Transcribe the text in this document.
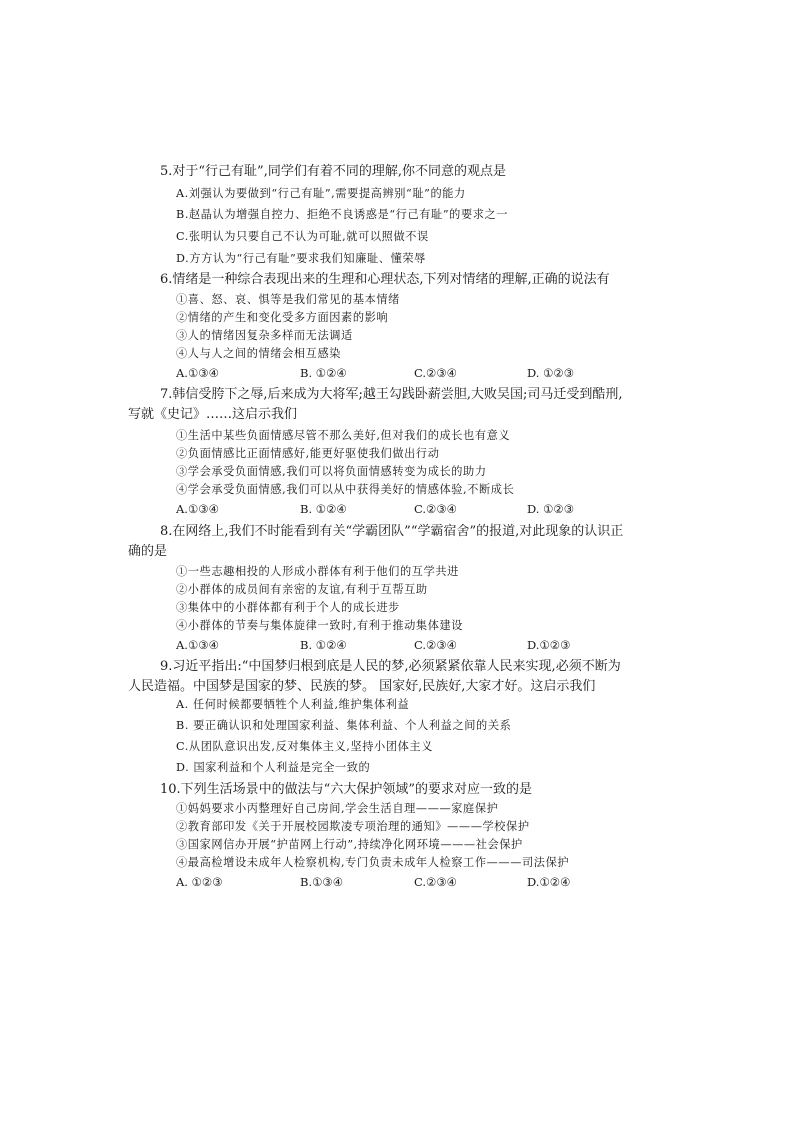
5.对于“行己有耻”,同学们有着不同的理解,你不同意的观点是
A.刘强认为要做到“行己有耻”,需要提高辨别“耻”的能力
B.赵晶认为增强自控力、拒绝不良诱惑是“行己有耻”的要求之一
C.张明认为只要自己不认为可耻,就可以照做不误
D.方方认为“行己有耻”要求我们知廉耻、懂荣辱
6.情绪是一种综合表现出来的生理和心理状态,下列对情绪的理解,正确的说法有
①喜、怒、哀、惧等是我们常见的基本情绪
②情绪的产生和变化受多方面因素的影响
③人的情绪因复杂多样而无法调适
④人与人之间的情绪会相互感染
A.①③④	B. ①②④	C.②③④	D. ①②③
7.韩信受胯下之辱,后来成为大将军;越王勾践卧薪尝胆,大败吴国;司马迁受到酷刑,
写就《史记》……这启示我们
①生活中某些负面情感尽管不那么美好,但对我们的成长也有意义
②负面情感比正面情感好,能更好驱使我们做出行动
③学会承受负面情感,我们可以将负面情感转变为成长的助力
④学会承受负面情感,我们可以从中获得美好的情感体验,不断成长
A.①③④	B. ①②④	C.②③④	D. ①②③
8.在网络上,我们不时能看到有关“学霸团队”“学霸宿舍”的报道,对此现象的认识正
确的是
①一些志趣相投的人形成小群体有利于他们的互学共进
②小群体的成员间有亲密的友谊,有利于互帮互助
③集体中的小群体都有利于个人的成长进步
④小群体的节奏与集体旋律一致时,有利于推动集体建设
A.①③④	B. ①②④	C.②③④	D.①②③
9.习近平指出:“中国梦归根到底是人民的梦,必须紧紧依靠人民来实现,必须不断为
人民造福。中国梦是国家的梦、民族的梦。 国家好,民族好,大家才好。这启示我们
A. 任何时候都要牺牲个人利益,维护集体利益
B. 要正确认识和处理国家利益、集体利益、个人利益之间的关系
C.从团队意识出发,反对集体主义,坚持小团体主义
D. 国家利益和个人利益是完全一致的
10.下列生活场景中的做法与“六大保护领域”的要求对应一致的是
①妈妈要求小丙整理好自己房间,学会生活自理———家庭保护
②教育部印发《关于开展校园欺凌专项治理的通知》———学校保护
③国家网信办开展“护苗网上行动”,持续净化网环境———社会保护
④最高检增设未成年人检察机构,专门负责未成年人检察工作———司法保护
A. ①②③	B.①③④	C.②③④	D.①②④
